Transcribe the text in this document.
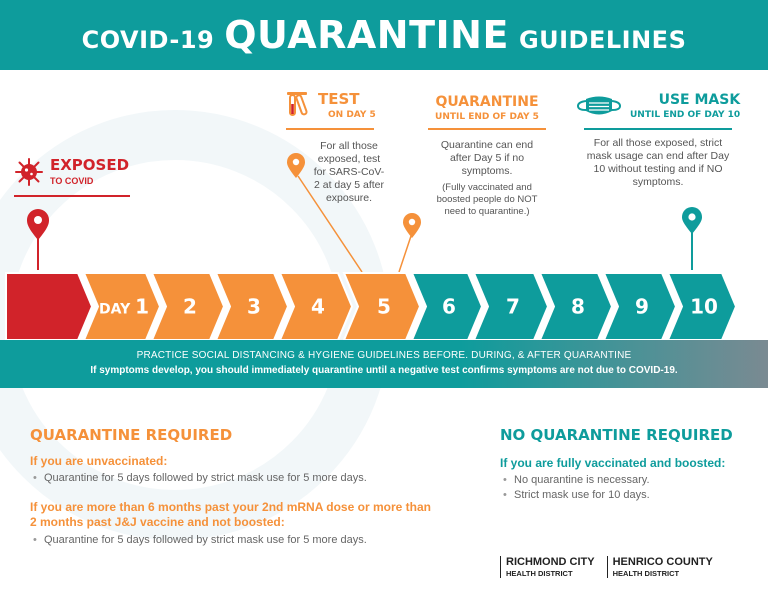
COVID-19 QUARANTINE GUIDELINES
EXPOSED
TO COVID
TEST
ON DAY 5
For all those exposed, test for SARS-CoV-2 at day 5 after exposure.
QUARANTINE
UNTIL END OF DAY 5
Quarantine can end after Day 5 if no symptoms.
(Fully vaccinated and boosted people do NOT need to quarantine.)
USE MASK
UNTIL END OF DAY 10
For all those exposed, strict mask usage can end after Day 10 without testing and if NO symptoms.
DAY 1 2	3	4	5	6	7	8	9 10
PRACTICE SOCIAL DISTANCING & HYGIENE GUIDELINES BEFORE. DURING, & AFTER QUARANTINE
If symptoms develop, you should immediately quarantine until a negative test confirms symptoms are not due to COVID-19.
QUARANTINE REQUIRED
If you are unvaccinated:
• Quarantine for 5 days followed by strict mask use for 5 more days.
If you are more than 6 months past your 2nd mRNA dose or more than 2 months past J&J vaccine and not boosted:
• Quarantine for 5 days followed by strict mask use for 5 more days.
NO QUARANTINE REQUIRED
If you are fully vaccinated and boosted:
• No quarantine is necessary.
• Strict mask use for 10 days.
RICHMOND CITY
HEALTH DISTRICT
HENRICO COUNTY
HEALTH DISTRICT
